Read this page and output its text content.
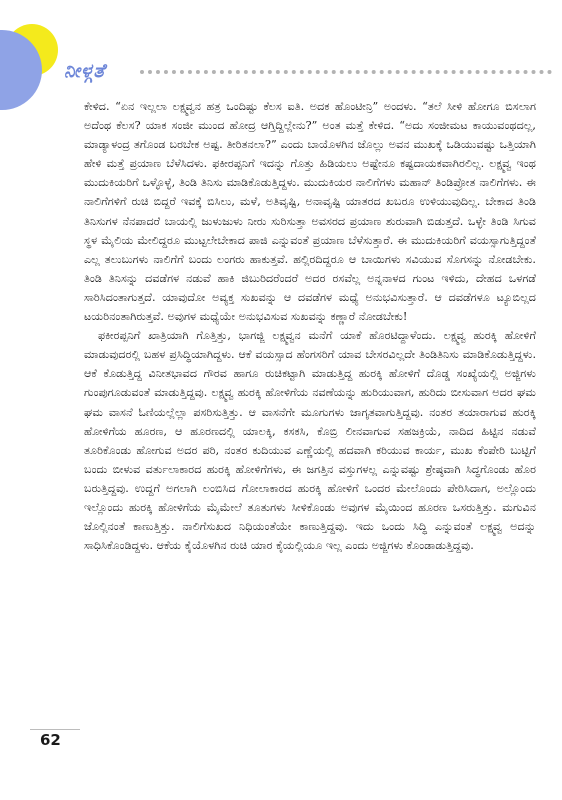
ನೀಳ್ಗತೆ

ಕೇಳಿದ. “ಏನ ಇಲ್ಲಲಾ ಲಕ್ಷ್ಮವ್ವನ ಹತ್ರ ಒಂದಿಷ್ಟು ಕೆಲಸ ಐತಿ. ಅದಕ ಹೊಂಟೀನ್ರಿ” ಅಂದಳು. “ತಲೆ ಸೀಳಿ ಹೋಗೂ ಬಿಸಲಾಗ ಅದೆಂಥ ಕೆಲಸ? ಯಾಕ ಸಂಜೀ ಮುಂದ ಹೋದ್ರ ಆಗ್ತಿದ್ದಿಲ್ಲೇನು?” ಅಂತ ಮತ್ತೆ ಕೇಳಿದ. “ಅದು ಸಂಜೀಮಟ ಕಾಯುವಂಥದಲ್ಲ, ಮಾಡ್ಯಾಳಂದ್ರ ತಗೊಂಡ ಬರಬೇಕ ಅಷ್ಟ. ತೀರಿತನಲಾ?” ಎಂದು ಬಾಯೊಳಗಿನ ಜೊಲ್ಲು ಅವನ ಮುಖಕ್ಕೆ ಒಡಿಯುವಷ್ಟು ಒತ್ತಿಯಾಗಿ ಹೇಳಿ ಮತ್ತೆ ಪ್ರಯಾಣ ಬೆಳೆಸಿದಳು. ಫಕೀರಪ್ಪನಿಗೆ ಇದನ್ನು ಗೊತ್ತು ಹಿಡಿಯಲು ಅಷ್ಟೇನೂ ಕಷ್ಟದಾಯಕವಾಗಿರಲಿಲ್ಲ. ಲಕ್ಷ್ಮವ್ವ ಇಂಥ ಮುದುಕಿಯರಿಗೆ ಒಳ್ಳೊಳ್ಳೆ, ತಿಂಡಿ ತಿನಿಸು ಮಾಡಿಕೊಡುತ್ತಿದ್ದಳು. ಮುದುಕಿಯರ ನಾಲಿಗೆಗಳು ಮಹಾನ್ ತಿಂಡಿಪ್ರೋತ ನಾಲಿಗೆಗಳು. ಈ ನಾಲಿಗೆಗಳಿಗೆ ರುಚಿ ಬಿದ್ದರೆ ಇವಕ್ಕೆ ಬಿಸಿಲು, ಮಳೆ, ಅತಿವೃಷ್ಟಿ, ಅನಾವೃಷ್ಟಿ ಯಾತರದ ಖಬರೂ ಉಳಿಯುವುದಿಲ್ಲ. ಬೇಕಾದ ತಿಂಡಿ ತಿನಿಸುಗಳ ನೆನಪಾದರೆ ಬಾಯಲ್ಲಿ ಜುಳುಜುಳು ನೀರು ಸುರಿಸುತ್ತಾ ಅವಸರದ ಪ್ರಯಾಣ ಶುರುವಾಗಿ ಬಿಡುತ್ತದೆ. ಒಳ್ಳೇ ತಿಂಡಿ ಸಿಗುವ ಸ್ಥಳ ಮೈಲಿಯ ಮೇಲಿದ್ದರೂ ಮುಟ್ಟಲೇಬೇಕಾದ ಪಾಜಿ ಎನ್ನುವಂತೆ ಪ್ರಯಾಣ ಬೆಳೆಸುತ್ತಾರೆ. ಈ ಮುದುಕಿಯರಿಗೆ ವಯಸ್ಸಾಗುತ್ತಿದ್ದಂತೆ ಎಲ್ಲ ತಲುಬುಗಳು ನಾಲಿಗೆಗೆ ಬಂದು ಲಂಗರು ಹಾಕುತ್ತವೆ. ಹಲ್ಲಿರದಿದ್ದರೂ ಆ ಬಾಯಿಗಳು ಸವಿಯುವ ಸೊಗಸನ್ನು ನೋಡಬೇಕು. ತಿಂಡಿ ತಿನಿಸನ್ನು ದವಡೆಗಳ ನಡುವೆ ಹಾಕಿ ಜಿಬುರಿದರೆಂದರೆ ಅದರ ರಸವೆಲ್ಲ ಅನ್ನನಾಳದ ಗುಂಟ ಇಳಿದು, ದೇಹದ ಒಳಗಡೆ ಸಾರಿಸಿದಂತಾಗುತ್ತದೆ. ಯಾವುದೋ ಅವ್ಯಕ್ತ ಸುಖವನ್ನು ಆ ದವಡೆಗಳ ಮಧ್ಯೆ ಅನುಭವಿಸುತ್ತಾರೆ. ಆ ದವಡೆಗಳೂ ಟ್ಯೂಬಿಲ್ಲದ ಟಯರಿನಂತಾಗಿರುತ್ತವೆ. ಅವುಗಳ ಮಧ್ಯೆಯೇ ಅನುಭವಿಸುವ ಸುಖವನ್ನು ಕಣ್ಣಾರೆ ನೋಡಬೇಕು!

ಫಕೀರಪ್ಪನಿಗೆ ಖಾತ್ರಿಯಾಗಿ ಗೊತ್ತಿತ್ತು, ಭಾಗಜ್ಜಿ ಲಕ್ಷ್ಮವ್ವನ ಮನೆಗೆ ಯಾಕೆ ಹೊರಟಿದ್ದಾಳೆಂದು. ಲಕ್ಷ್ಮವ್ವ ಹುರಕ್ಕಿ ಹೋಳಿಗೆ ಮಾಡುವುದರಲ್ಲಿ ಬಹಳ ಪ್ರಸಿದ್ಧಿಯಾಗಿದ್ದಳು. ಆಕೆ ವಯಸ್ಸಾದ ಹೆಂಗಸರಿಗೆ ಯಾವ ಬೇಸರವಿಲ್ಲದೇ ತಿಂಡಿತಿನಿಸು ಮಾಡಿಕೊಡುತ್ತಿದ್ದಳು. ಆಕೆ ಕೊಡುತ್ತಿದ್ದ ವಿನೀತಭಾವದ ಗೌರವ ಹಾಗೂ ರುಚಿಕಟ್ಟಾಗಿ ಮಾಡುತ್ತಿದ್ದ ಹುರಕ್ಕಿ ಹೋಳಿಗೆ ದೊಡ್ಡ ಸಂಖ್ಯೆಯಲ್ಲಿ ಅಜ್ಜಿಗಳು ಗುಂಪುಗೂಡುವಂತೆ ಮಾಡುತ್ತಿದ್ದವು. ಲಕ್ಷ್ಮವ್ವ ಹುರಕ್ಕಿ ಹೋಳಿಗೆಯ ನವಣೆಯನ್ನು ಹುರಿಯುವಾಗ, ಹುರಿದು ಬೀಸುವಾಗ ಅದರ ಘಮ ಘಮ ವಾಸನೆ ಓಣಿಯಲ್ಲೆಲ್ಲಾ ಪಸರಿಸುತ್ತಿತ್ತು. ಆ ವಾಸನೆಗೇ ಮೂಗುಗಳು ಜಾಗೃತವಾಗುತ್ತಿದ್ದವು. ನಂತರ ತಯಾರಾಗುವ ಹುರಕ್ಕಿ ಹೋಳಿಗೆಯ ಹೂರಣ, ಆ ಹೂರಣದಲ್ಲಿ ಯಾಲಕ್ಕಿ, ಕಸಕಸಿ, ಕೊಬ್ರಿ ಲೀನವಾಗುವ ಸಹಜಕ್ರಿಯೆ, ನಾದಿದ ಹಿಟ್ಟಿನ ನಡುವೆ ತೂರಿಕೊಂಡು ಹೋಗುವ ಅದರ ಪರಿ, ನಂತರ ಕುದಿಯುವ ಎಣ್ಣೆಯಲ್ಲಿ ಹದವಾಗಿ ಕರಿಯುವ ಕಾರ್ಯ, ಮುಖ ಕೆಂಪೇರಿ ಬುಟ್ಟಿಗೆ ಬಂದು ಬೀಳುವ ವರ್ತುಲಾಕಾರದ ಹುರಕ್ಕಿ ಹೋಳಿಗೆಗಳು, ಈ ಜಗತ್ತಿನ ವಸ್ತುಗಳಲ್ಲ ಎನ್ನುವಷ್ಟು ಶ್ರೇಷ್ಠವಾಗಿ ಸಿದ್ಧಗೊಂಡು ಹೊರ ಬರುತ್ತಿದ್ದವು. ಉದ್ದಗೆ ಅಗಲಾಗಿ ಲಂಬಿಸಿದ ಗೋಲಾಕಾರದ ಹುರಕ್ಕಿ ಹೋಳಿಗೆ ಒಂದರ ಮೇಲೊಂದು ಪೇರಿಸಿದಾಗ, ಅಲ್ಲೊಂದು ಇಲ್ಲೊಂದು ಹುರಕ್ಕಿ ಹೋಳಿಗೆಯ ಮೈಮೇಲೆ ತೂತುಗಳು ಸೀಳಿಕೊಂಡು ಅವುಗಳ ಮೈಯಿಂದ ಹೂರಣ ಒಸರುತ್ತಿತ್ತು. ಮಗುವಿನ ಜೊಲ್ಲಿನಂತೆ ಕಾಣುತ್ತಿತ್ತು. ನಾಲಿಗೆಸುಖದ ನಿಧಿಯಂತೆಯೇ ಕಾಣುತ್ತಿದ್ದವು. ಇದು ಒಂದು ಸಿದ್ಧಿ ಎನ್ನುವಂತೆ ಲಕ್ಷ್ಮವ್ವ ಅದನ್ನು ಸಾಧಿಸಿಕೊಂಡಿದ್ದಳು. ಆಕೆಯ ಕೈಯೊಳಗಿನ ರುಚಿ ಯಾರ ಕೈಯಲ್ಲಿಯೂ ಇಲ್ಲ ಎಂದು ಅಜ್ಜಿಗಳು ಕೊಂಡಾಡುತ್ತಿದ್ದವು.

62
